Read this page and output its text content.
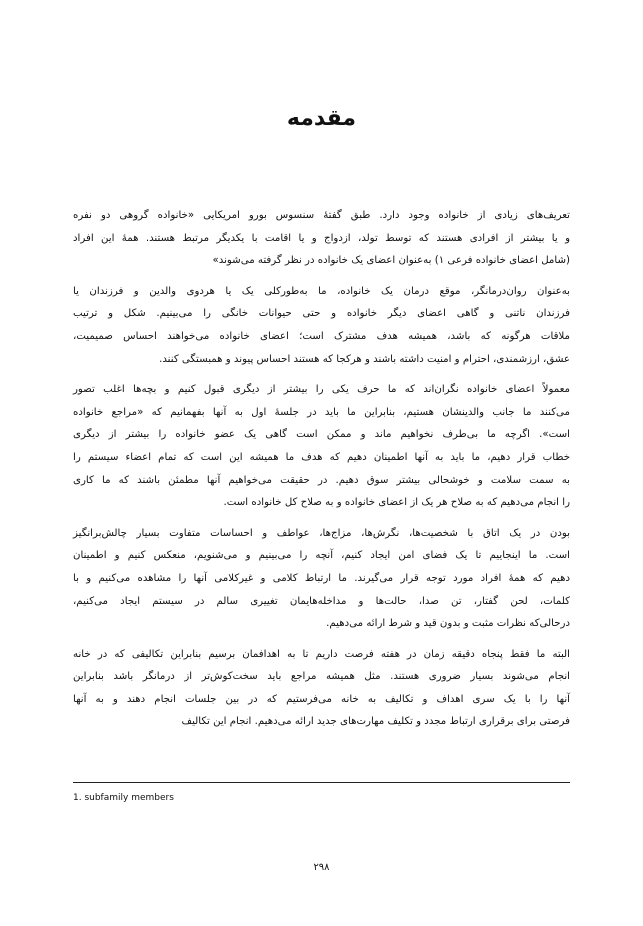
مقدمه
تعریف‌های زیادی از خانواده وجود دارد. طبق گفتهٔ سنسوس بورو امریکایی «خانواده گروهی دو نفره
و یا بیشتر از افرادی هستند که توسط تولد، ازدواج و یا اقامت با یکدیگر مرتبط هستند. همهٔ این افراد
(شامل اعضای خانواده فرعی ۱) به‌عنوان اعضای یک خانواده در نظر گرفته می‌شوند»
به‌عنوان روان‌درمانگر، موقع درمان یک خانواده، ما به‌طورکلی یک یا هردوی والدین و فرزندان یا
فرزندان ناتنی و گاهی اعضای دیگر خانواده و حتی حیوانات خانگی را می‌بینیم. شکل و ترتیب
ملاقات هرگونه که باشد، همیشه هدف مشترک است؛ اعضای خانواده می‌خواهند احساس صمیمیت،
عشق، ارزشمندی، احترام و امنیت داشته باشند و هرکجا که هستند احساس پیوند و همبستگی کنند.
معمولاً اعضای خانواده نگران‌اند که ما حرف یکی را بیشتر از دیگری قبول کنیم و بچه‌ها اغلب تصور
می‌کنند ما جانب والدینشان هستیم، بنابراین ما باید در جلسهٔ اول به آنها بفهمانیم که «مراجع خانواده
است». اگرچه ما بی‌طرف نخواهیم ماند و ممکن است گاهی یک عضو خانواده را بیشتر از دیگری
خطاب قرار دهیم، ما باید به آنها اطمینان دهیم که هدف ما همیشه این است که تمام اعضاء سیستم را
به سمت سلامت و خوشحالی بیشتر سوق دهیم. در حقیقت می‌خواهیم آنها مطمئن باشند که ما کاری
را انجام می‌دهیم که به صلاح هر یک از اعضای خانواده و به صلاح کل خانواده است.
بودن در یک اتاق با شخصیت‌ها، نگرش‌ها، مزاج‌ها، عواطف و احساسات متفاوت بسیار چالش‌برانگیز
است. ما اینجاییم تا یک فضای امن ایجاد کنیم، آنچه را می‌بینیم و می‌شنویم، منعکس کنیم و اطمینان
دهیم که همهٔ افراد مورد توجه قرار می‌گیرند. ما ارتباط کلامی و غیرکلامی آنها را مشاهده می‌کنیم و با
کلمات، لحن گفتار، تن صدا، حالت‌ها و مداخله‌هایمان تغییری سالم در سیستم ایجاد می‌کنیم،
درحالی‌که نظرات مثبت و بدون قید و شرط ارائه می‌دهیم.
البته ما فقط پنجاه دقیقه زمان در هفته فرصت داریم تا به اهدافمان برسیم بنابراین تکالیفی که در خانه
انجام می‌شوند بسیار ضروری هستند. مثل همیشه مراجع باید سخت‌کوش‌تر از درمانگر باشد بنابراین
آنها را با یک سری اهداف و تکالیف به خانه می‌فرستیم که در بین جلسات انجام دهند و به آنها
فرصتی برای برقراری ارتباط مجدد و تکلیف مهارت‌های جدید ارائه می‌دهیم. انجام این تکالیف
1. subfamily members
۲۹۸
